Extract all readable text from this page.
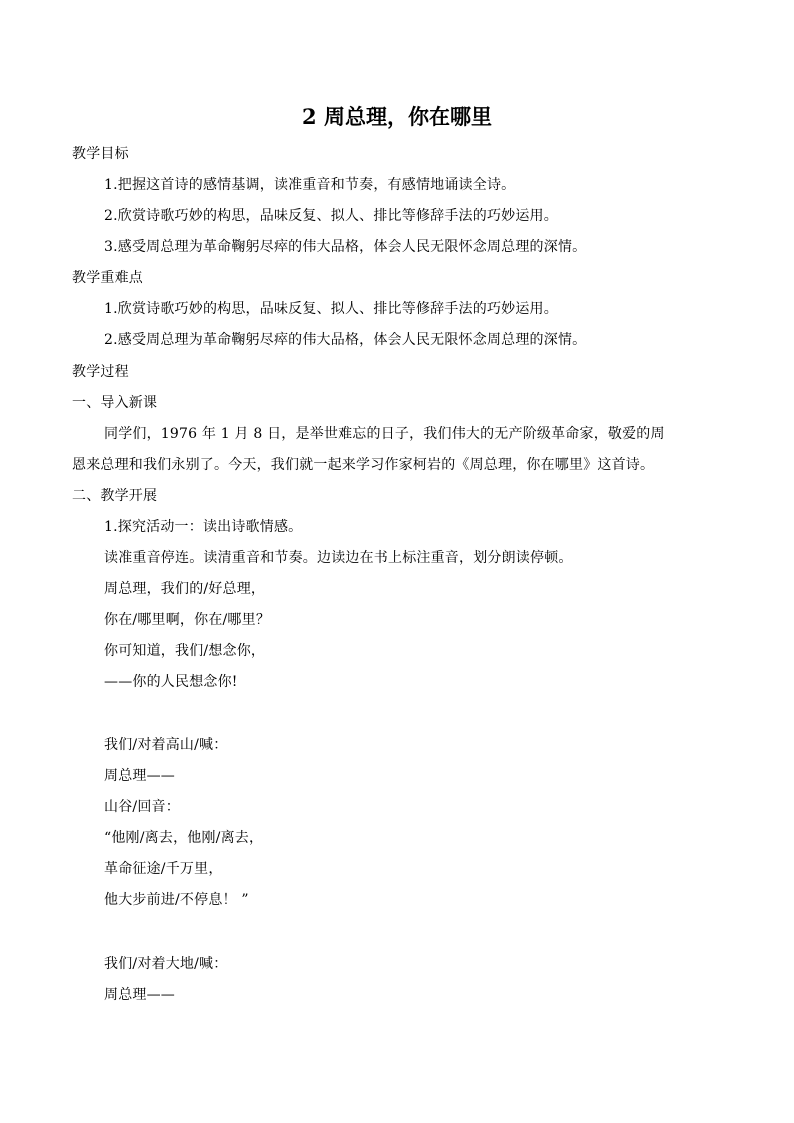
2 周总理，你在哪里
教学目标
1.把握这首诗的感情基调，读准重音和节奏，有感情地诵读全诗。
2.欣赏诗歌巧妙的构思，品味反复、拟人、排比等修辞手法的巧妙运用。
3.感受周总理为革命鞠躬尽瘁的伟大品格，体会人民无限怀念周总理的深情。
教学重难点
1.欣赏诗歌巧妙的构思，品味反复、拟人、排比等修辞手法的巧妙运用。
2.感受周总理为革命鞠躬尽瘁的伟大品格，体会人民无限怀念周总理的深情。
教学过程
一、导入新课
同学们，1976 年 1 月 8 日，是举世难忘的日子，我们伟大的无产阶级革命家，敬爱的周
恩来总理和我们永别了。今天，我们就一起来学习作家柯岩的《周总理，你在哪里》这首诗。
二、教学开展
1.探究活动一：读出诗歌情感。
读准重音停连。读清重音和节奏。边读边在书上标注重音，划分朗读停顿。
周总理，我们的/好总理，
你在/哪里啊，你在/哪里？
你可知道，我们/想念你，
——你的人民想念你!
我们/对着高山/喊：
周总理——
山谷/回音：
“他刚/离去，他刚/离去，
革命征途/千万里，
他大步前进/不停息！ ”
我们/对着大地/喊：
周总理——
